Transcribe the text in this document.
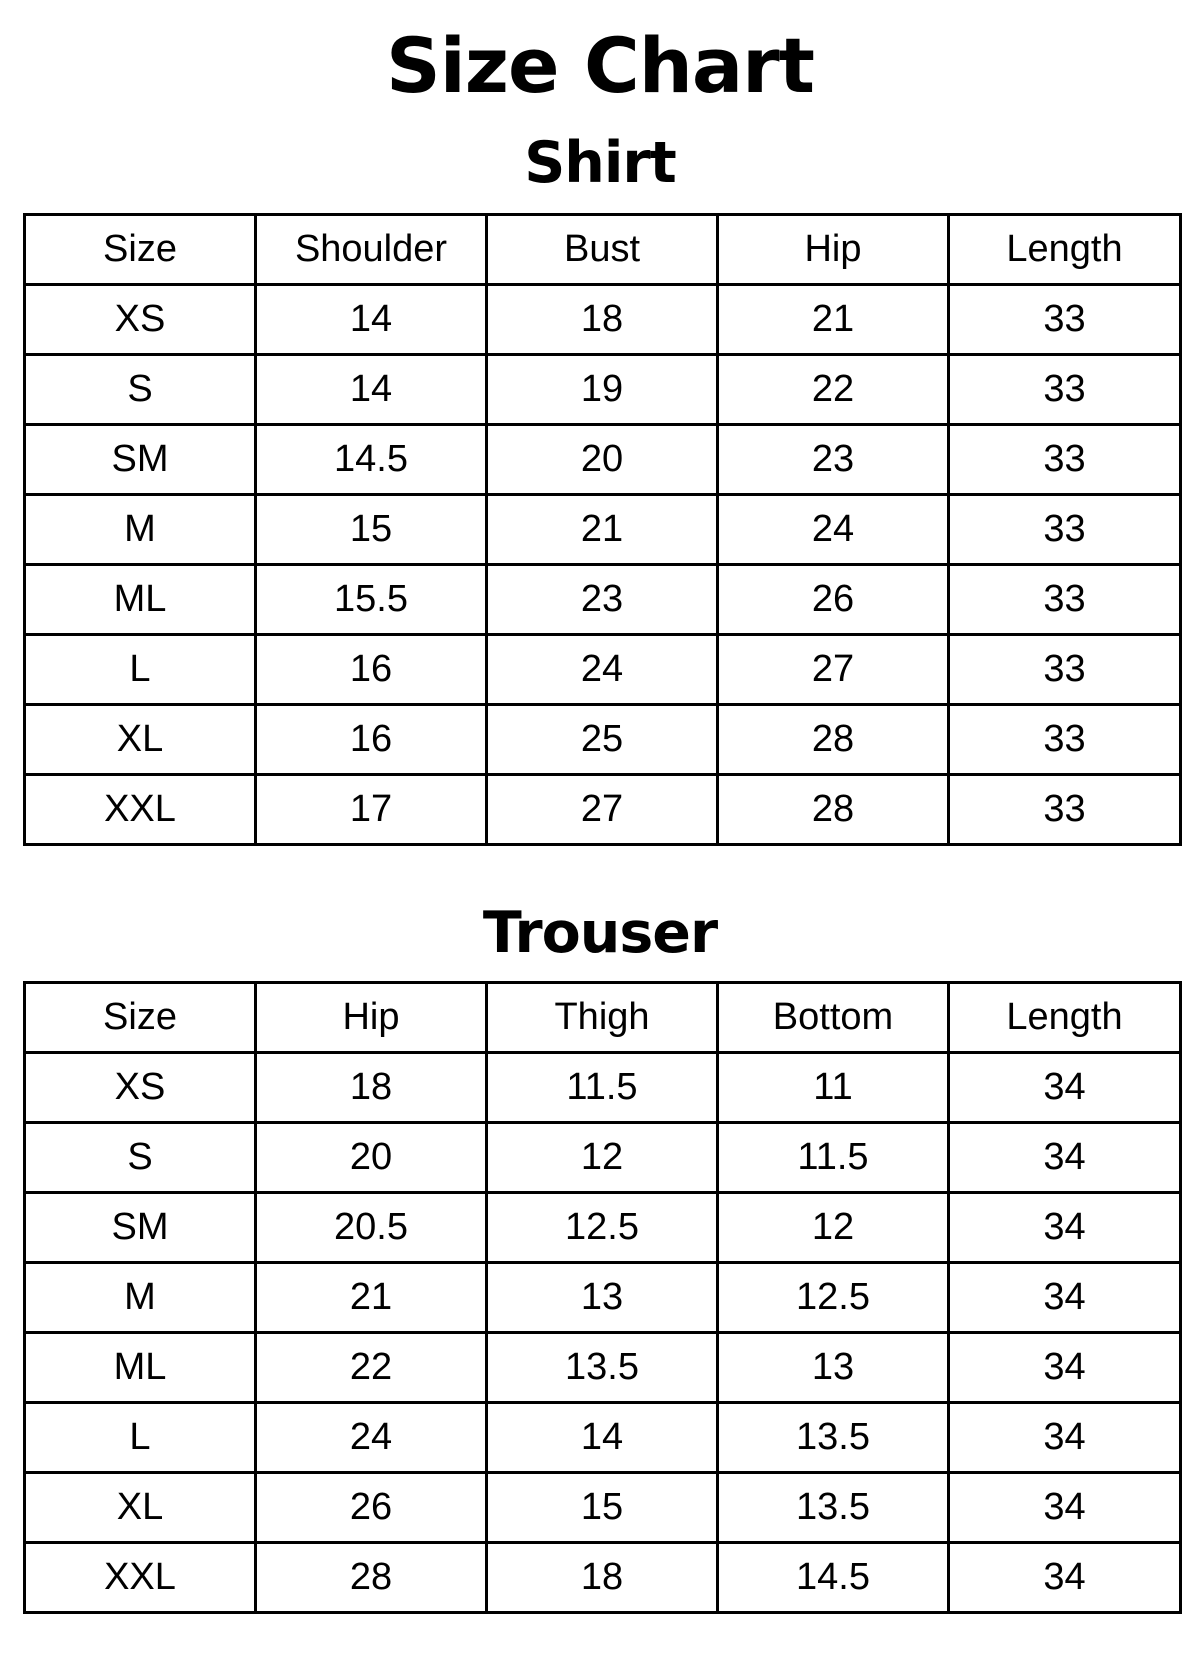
Size Chart
Shirt
Size	Shoulder	Bust	Hip	Length
XS	14	18	21	33
S	14	19	22	33
SM	14.5	20	23	33
M	15	21	24	33
ML	15.5	23	26	33
L	16	24	27	33
XL	16	25	28	33
XXL	17	27	28	33
Trouser
Size	Hip	Thigh	Bottom	Length
XS	18	11.5	11	34
S	20	12	11.5	34
SM	20.5	12.5	12	34
M	21	13	12.5	34
ML	22	13.5	13	34
L	24	14	13.5	34
XL	26	15	13.5	34
XXL	28	18	14.5	34
